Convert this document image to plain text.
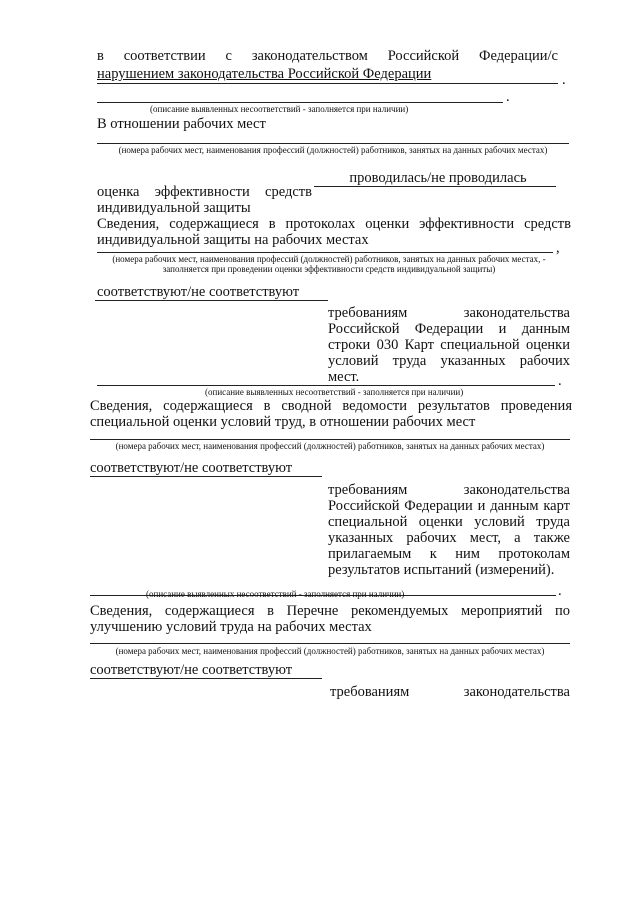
в соответствии с законодательством Российской Федерации/с
нарушением законодательства Российской Федерации	.
.
(описание выявленных несоответствий - заполняется при наличии)
В отношении рабочих мест
(номера рабочих мест, наименования профессий (должностей) работников, занятых на данных рабочих местах)
проводилась/не проводилась
оценка эффективности средств
индивидуальной защиты
Сведения, содержащиеся в протоколах оценки эффективности средств индивидуальной защиты на рабочих местах	,
(номера рабочих мест, наименования профессий (должностей) работников, занятых на данных рабочих местах, - заполняется при проведении оценки эффективности средств индивидуальной защиты)
соответствуют/не соответствуют
требованиям законодательства Российской Федерации и данным строки 030 Карт специальной оценки условий труда указанных рабочих мест.	.
(описание выявленных несоответствий - заполняется при наличии)
Сведения, содержащиеся в сводной ведомости результатов проведения специальной оценки условий труд, в отношении рабочих мест
(номера рабочих мест, наименования профессий (должностей) работников, занятых на данных рабочих местах)
соответствуют/не соответствуют
требованиям законодательства Российской Федерации и данным карт специальной оценки условий труда указанных рабочих мест, а также прилагаемым к ним протоколам результатов испытаний (измерений).
.
(описание выявленных несоответствий - заполняется при наличии)
Сведения, содержащиеся в Перечне рекомендуемых мероприятий по улучшению условий труда на рабочих местах
(номера рабочих мест, наименования профессий (должностей) работников, занятых на данных рабочих местах)
соответствуют/не соответствуют
требованиям	законодательства
